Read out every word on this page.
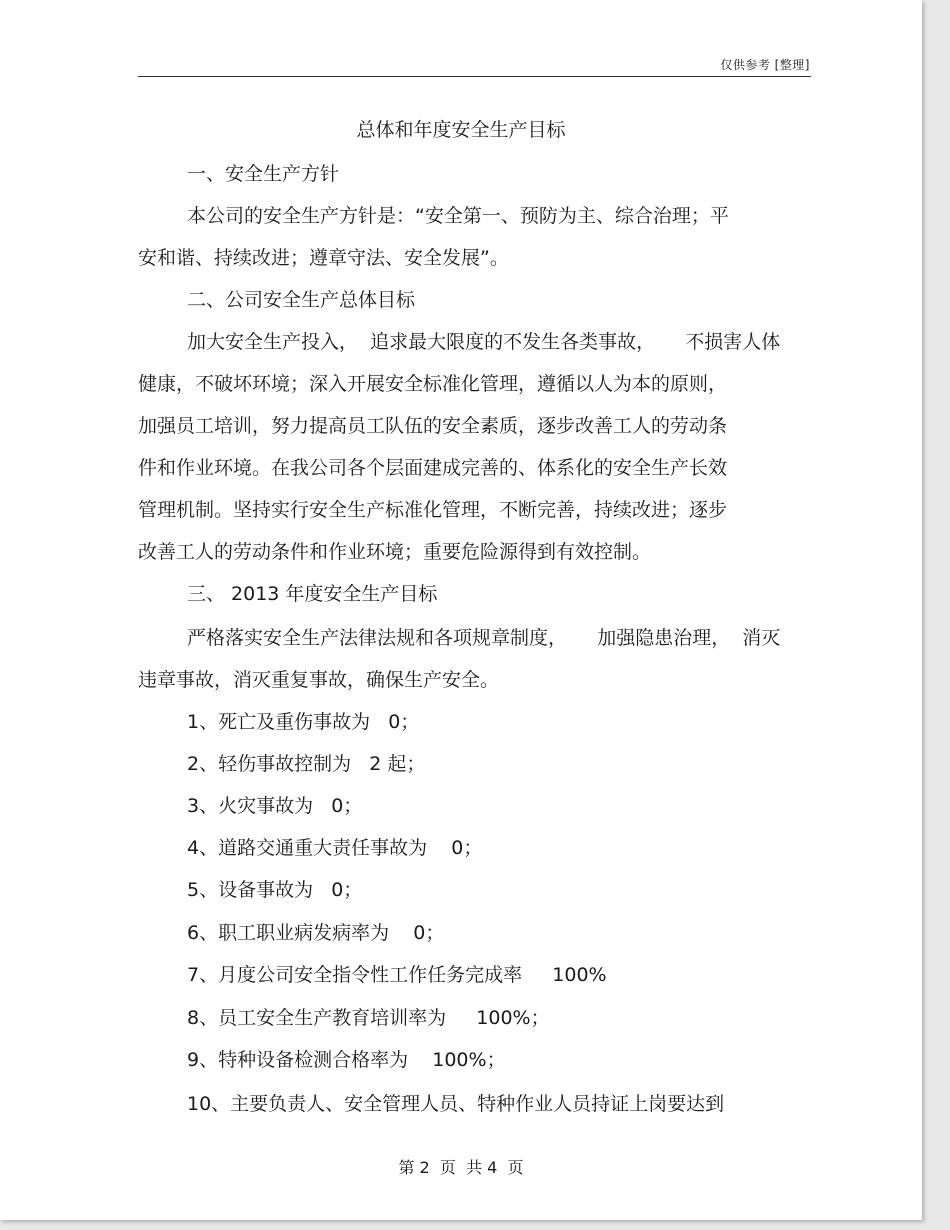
仅供参考 [整理]
总体和年度安全生产目标
一、安全生产方针
本公司的安全生产方针是：“安全第一、预防为主、综合治理；平
安和谐、持续改进；遵章守法、安全发展”。
二、公司安全生产总体目标
加大安全生产投入，  追求最大限度的不发生各类事故，     不损害人体
健康，不破坏环境；深入开展安全标准化管理，遵循以人为本的原则，
加强员工培训，努力提高员工队伍的安全素质，逐步改善工人的劳动条
件和作业环境。在我公司各个层面建成完善的、体系化的安全生产长效
管理机制。坚持实行安全生产标准化管理，不断完善，持续改进；逐步
改善工人的劳动条件和作业环境；重要危险源得到有效控制。
三、 2013 年度安全生产目标
严格落实安全生产法律法规和各项规章制度，     加强隐患治理，  消灭
违章事故，消灭重复事故，确保生产安全。
1、死亡及重伤事故为   0；
2、轻伤事故控制为   2 起；
3、火灾事故为   0；
4、道路交通重大责任事故为    0；
5、设备事故为   0；
6、职工职业病发病率为    0；
7、月度公司安全指令性工作任务完成率     100%
8、员工安全生产教育培训率为     100%；
9、特种设备检测合格率为    100%；
10、主要负责人、安全管理人员、特种作业人员持证上岗要达到
第 2  页  共 4  页
